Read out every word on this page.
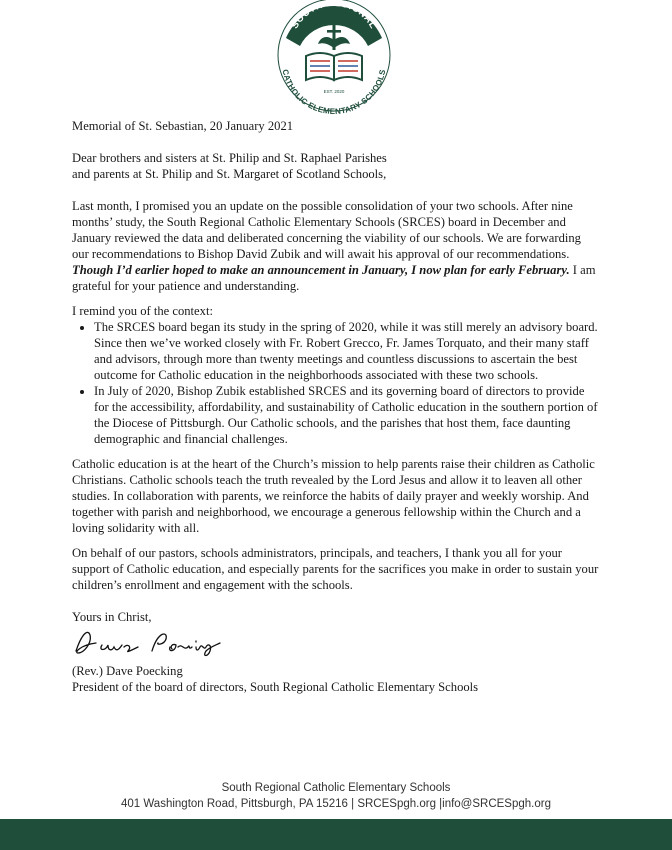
SOUTH REGIONAL
CATHOLIC ELEMENTARY SCHOOLS
EST. 2020

Memorial of St. Sebastian, 20 January 2021

Dear brothers and sisters at St. Philip and St. Raphael Parishes
and parents at St. Philip and St. Margaret of Scotland Schools,

Last month, I promised you an update on the possible consolidation of your two schools. After nine months’ study, the South Regional Catholic Elementary Schools (SRCES) board in December and January reviewed the data and deliberated concerning the viability of our schools. We are forwarding our recommendations to Bishop David Zubik and will await his approval of our recommendations. Though I’d earlier hoped to make an announcement in January, I now plan for early February. I am grateful for your patience and understanding.

I remind you of the context:

• The SRCES board began its study in the spring of 2020, while it was still merely an advisory board. Since then we’ve worked closely with Fr. Robert Grecco, Fr. James Torquato, and their many staff and advisors, through more than twenty meetings and countless discussions to ascertain the best outcome for Catholic education in the neighborhoods associated with these two schools.
• In July of 2020, Bishop Zubik established SRCES and its governing board of directors to provide for the accessibility, affordability, and sustainability of Catholic education in the southern portion of the Diocese of Pittsburgh. Our Catholic schools, and the parishes that host them, face daunting demographic and financial challenges.

Catholic education is at the heart of the Church’s mission to help parents raise their children as Catholic Christians. Catholic schools teach the truth revealed by the Lord Jesus and allow it to leaven all other studies. In collaboration with parents, we reinforce the habits of daily prayer and weekly worship. And together with parish and neighborhood, we encourage a generous fellowship within the Church and a loving solidarity with all.

On behalf of our pastors, schools administrators, principals, and teachers, I thank you all for your support of Catholic education, and especially parents for the sacrifices you make in order to sustain your children’s enrollment and engagement with the schools.

Yours in Christ,

(Rev.) Dave Poecking

President of the board of directors, South Regional Catholic Elementary Schools

South Regional Catholic Elementary Schools
401 Washington Road, Pittsburgh, PA 15216 | SRCESpgh.org |info@SRCESpgh.org
